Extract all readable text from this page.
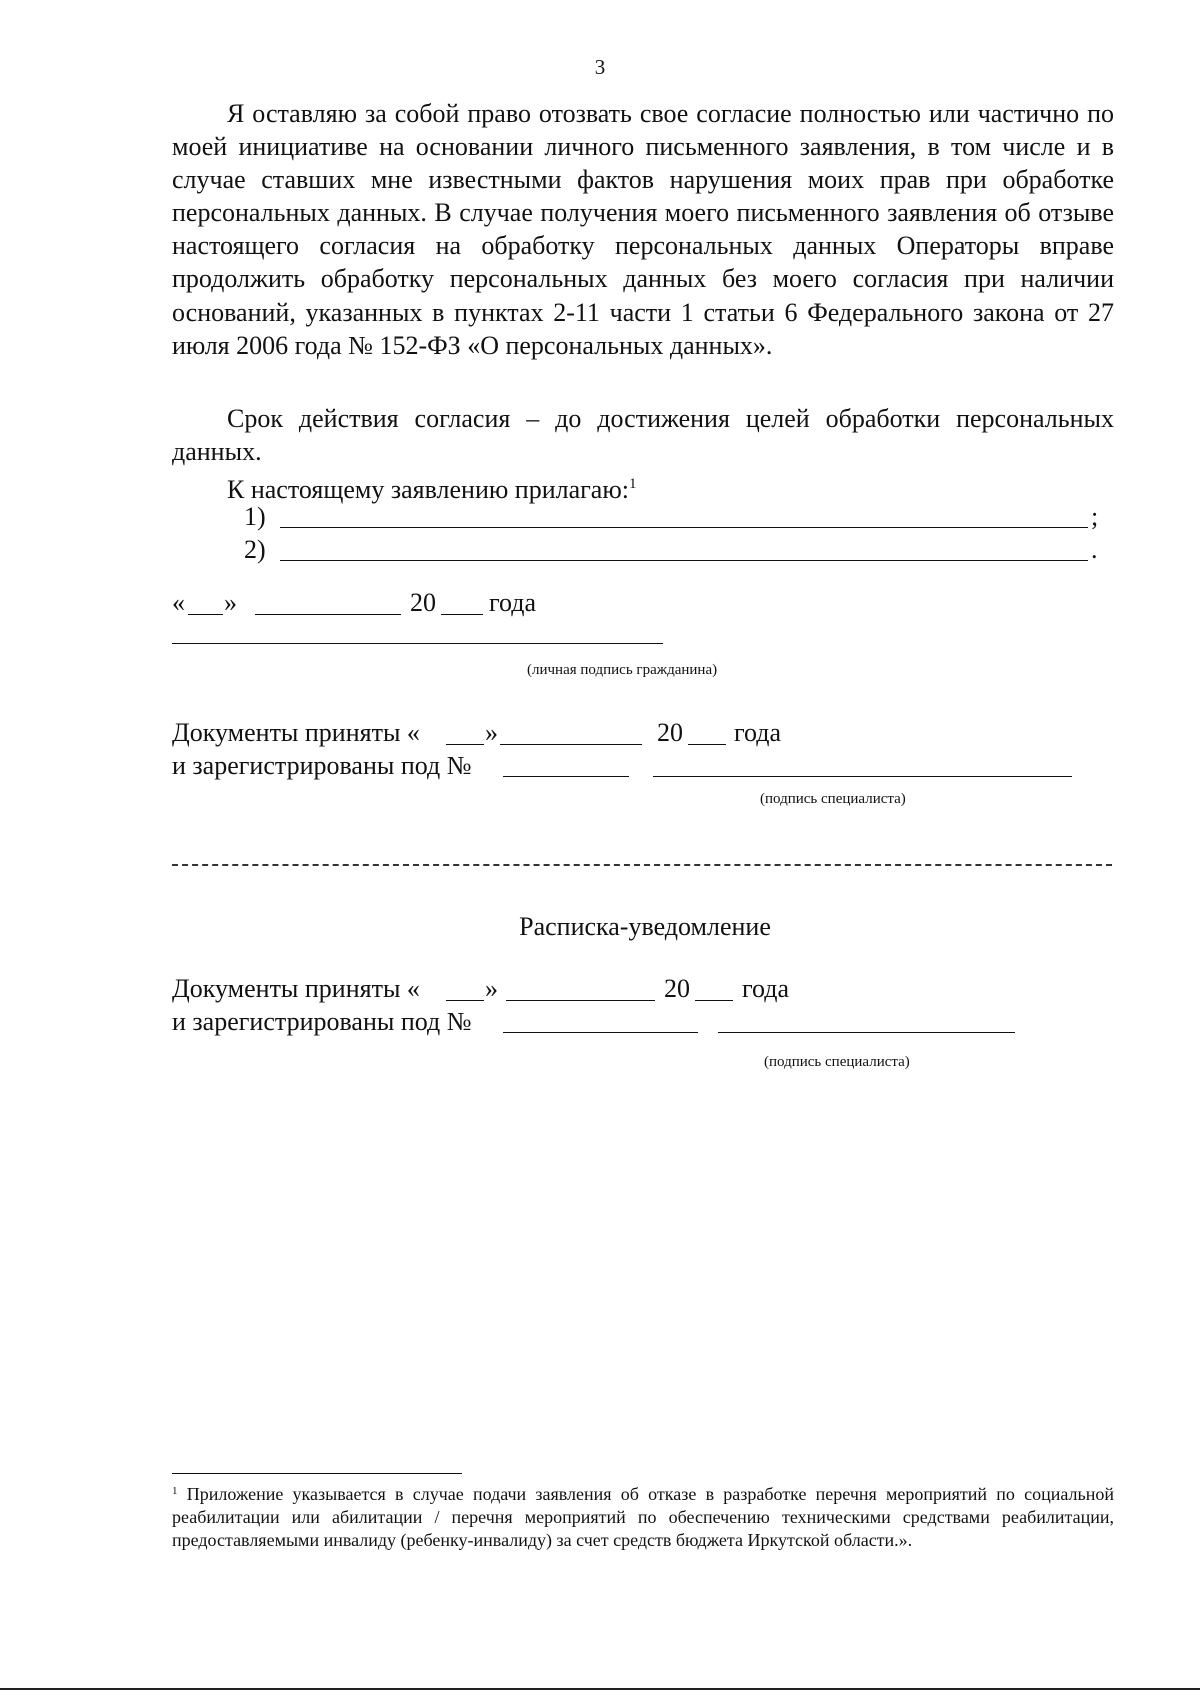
3

Я оставляю за собой право отозвать свое согласие полностью или частично по моей инициативе на основании личного письменного заявления, в том числе и в случае ставших мне известными фактов нарушения моих прав при обработке персональных данных. В случае получения моего письменного заявления об отзыве настоящего согласия на обработку персональных данных Операторы вправе продолжить обработку персональных данных без моего согласия при наличии оснований, указанных в пунктах 2-11 части 1 статьи 6 Федерального закона от 27 июля 2006 года № 152-ФЗ «О персональных данных».

Срок действия согласия – до достижения целей обработки персональных данных.

К настоящему заявлению прилагаю:$^1$
1)	;
2)	.
« »	20 года
(личная подпись гражданина)
Документы приняты «	»	20 года
и зарегистрированы под №
(подпись специалиста)
Расписка-уведомление
Документы приняты «	»	20 года
и зарегистрированы под №
(подпись специалиста)

$^1$ Приложение указывается в случае подачи заявления об отказе в разработке перечня мероприятий по социальной реабилитации или абилитации / перечня мероприятий по обеспечению техническими средствами реабилитации, предоставляемыми инвалиду (ребенку-инвалиду) за счет средств бюджета Иркутской области.».
